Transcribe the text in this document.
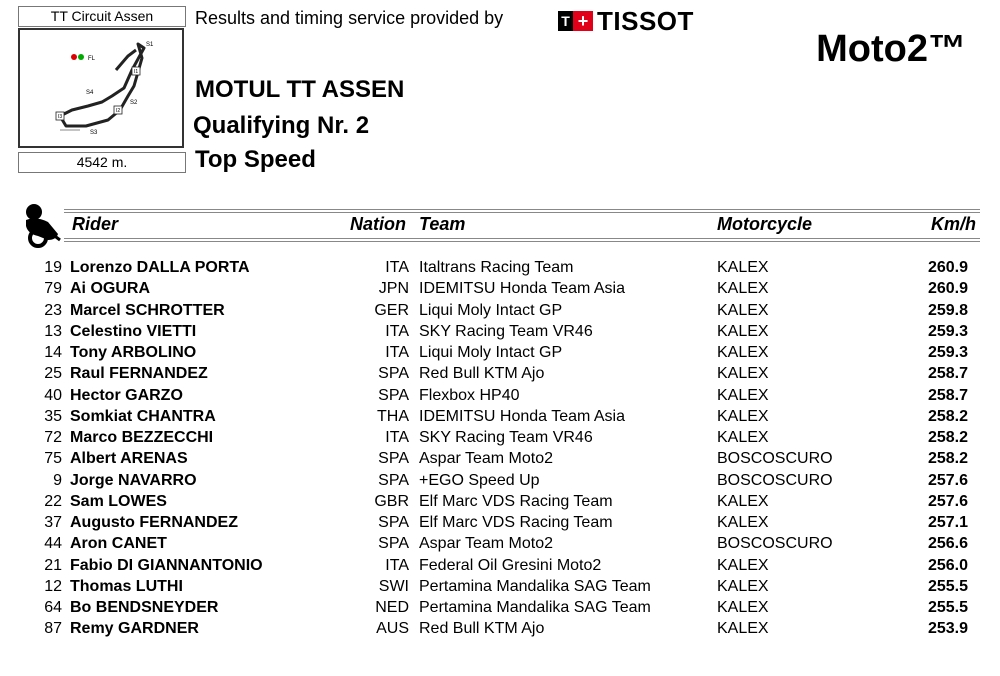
TT Circuit Assen
S1
FL
I1
S4
I2
S2
I3
S3
4542 m.
Results and timing service provided by	T + TISSOT
Moto2™
MOTUL TT ASSEN
Qualifying Nr. 2
Top Speed
Rider	Nation Team	Motorcycle	Km/h
19 Lorenzo DALLA PORTA	ITA Italtrans Racing Team	KALEX	260.9
79 Ai OGURA	JPN IDEMITSU Honda Team Asia	KALEX	260.9
23 Marcel SCHROTTER	GER Liqui Moly Intact GP	KALEX	259.8
13 Celestino VIETTI	ITA SKY Racing Team VR46	KALEX	259.3
14 Tony ARBOLINO	ITA Liqui Moly Intact GP	KALEX	259.3
25 Raul FERNANDEZ	SPA Red Bull KTM Ajo	KALEX	258.7
40 Hector GARZO	SPA Flexbox HP40	KALEX	258.7
35 Somkiat CHANTRA	THA IDEMITSU Honda Team Asia	KALEX	258.2
72 Marco BEZZECCHI	ITA SKY Racing Team VR46	KALEX	258.2
75 Albert ARENAS	SPA Aspar Team Moto2	BOSCOSCURO	258.2
9 Jorge NAVARRO	SPA +EGO Speed Up	BOSCOSCURO	257.6
22 Sam LOWES	GBR Elf Marc VDS Racing Team	KALEX	257.6
37 Augusto FERNANDEZ	SPA Elf Marc VDS Racing Team	KALEX	257.1
44 Aron CANET	SPA Aspar Team Moto2	BOSCOSCURO	256.6
21 Fabio DI GIANNANTONIO	ITA Federal Oil Gresini Moto2	KALEX	256.0
12 Thomas LUTHI	SWI Pertamina Mandalika SAG Team	KALEX	255.5
64 Bo BENDSNEYDER	NED Pertamina Mandalika SAG Team	KALEX	255.5
87 Remy GARDNER	AUS Red Bull KTM Ajo	KALEX	253.9
